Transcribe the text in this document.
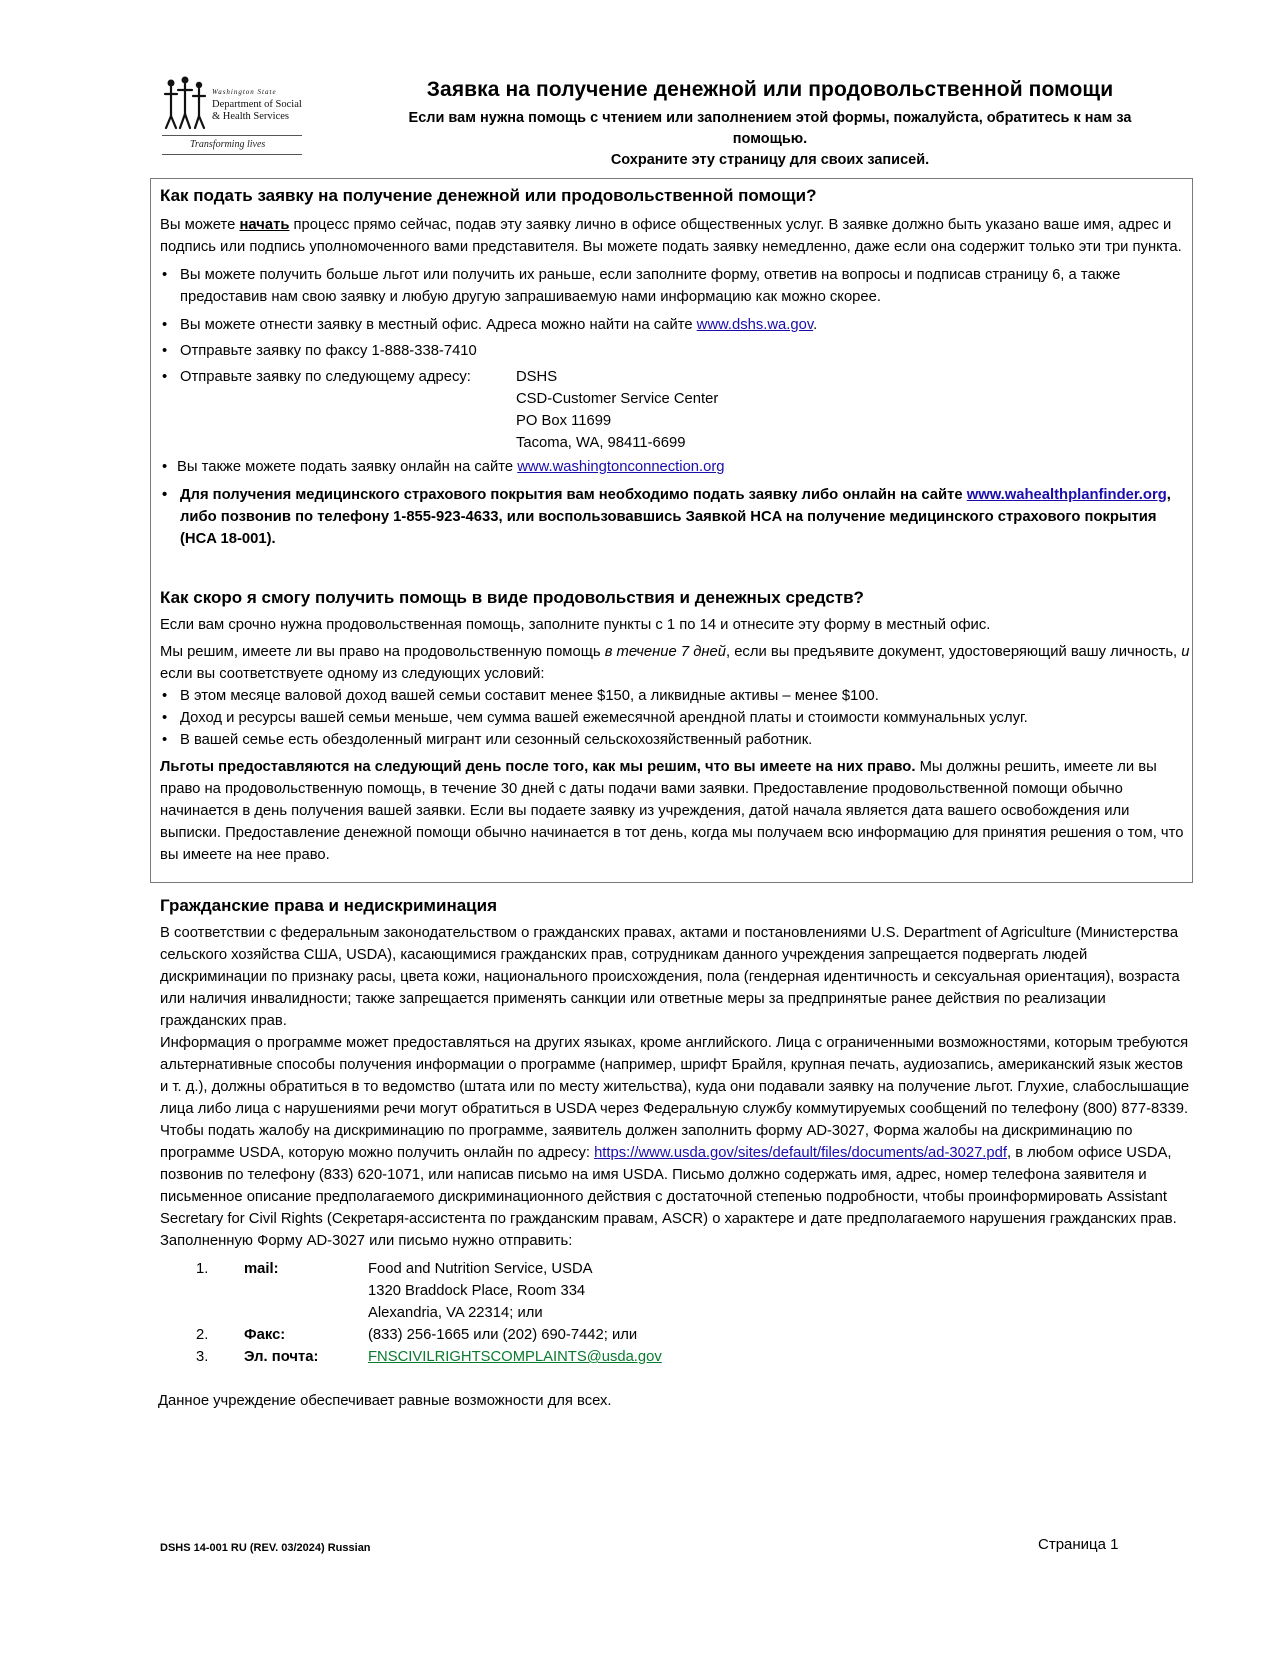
Washington State
Department of Social
& Health Services
Transforming lives

Заявка на получение денежной или продовольственной помощи

Если вам нужна помощь с чтением или заполнением этой формы, пожалуйста, обратитесь к нам за

помощью.

Сохраните эту страницу для своих записей.

Как подать заявку на получение денежной или продовольственной помощи?

Вы можете начать процесс прямо сейчас, подав эту заявку лично в офисе общественных услуг. В заявке должно быть указано ваше имя, адрес и подпись или подпись уполномоченного вами представителя. Вы можете подать заявку немедленно, даже если она содержит только эти три пункта.

• Вы можете получить больше льгот или получить их раньше, если заполните форму, ответив на вопросы и подписав страницу 6, а также предоставив нам свою заявку и любую другую запрашиваемую нами информацию как можно скорее.

• Вы можете отнести заявку в местный офис. Адреса можно найти на сайте www.dshs.wa.gov.

• Отправьте заявку по факсу 1-888-338-7410

• Отправьте заявку по следующему адресу:	DSHS
CSD-Customer Service Center
PO Box 11699
Tacoma, WA, 98411-6699

• Вы также можете подать заявку онлайн на сайте www.washingtonconnection.org

• Для получения медицинского страхового покрытия вам необходимо подать заявку либо онлайн на сайте www.wahealthplanfinder.org, либо позвонив по телефону 1-855-923-4633, или воспользовавшись Заявкой HCA на получение медицинского страхового покрытия (HCA 18-001).

Как скоро я смогу получить помощь в виде продовольствия и денежных средств?

Если вам срочно нужна продовольственная помощь, заполните пункты с 1 по 14 и отнесите эту форму в местный офис.

Мы решим, имеете ли вы право на продовольственную помощь в течение 7 дней, если вы предъявите документ, удостоверяющий вашу личность, и если вы соответствуете одному из следующих условий:

• В этом месяце валовой доход вашей семьи составит менее $150, а ликвидные активы – менее $100.

• Доход и ресурсы вашей семьи меньше, чем сумма вашей ежемесячной арендной платы и стоимости коммунальных услуг.

• В вашей семье есть обездоленный мигрант или сезонный сельскохозяйственный работник.

Льготы предоставляются на следующий день после того, как мы решим, что вы имеете на них право. Мы должны решить, имеете ли вы право на продовольственную помощь, в течение 30 дней с даты подачи вами заявки. Предоставление продовольственной помощи обычно начинается в день получения вашей заявки. Если вы подаете заявку из учреждения, датой начала является дата вашего освобождения или выписки. Предоставление денежной помощи обычно начинается в тот день, когда мы получаем всю информацию для принятия решения о том, что вы имеете на нее право.

Гражданские права и недискриминация

В соответствии с федеральным законодательством о гражданских правах, актами и постановлениями U.S. Department of Agriculture (Министерства сельского хозяйства США, USDA), касающимися гражданских прав, сотрудникам данного учреждения запрещается подвергать людей дискриминации по признаку расы, цвета кожи, национального происхождения, пола (гендерная идентичность и сексуальная ориентация), возраста или наличия инвалидности; также запрещается применять санкции или ответные меры за предпринятые ранее действия по реализации гражданских прав.

Информация о программе может предоставляться на других языках, кроме английского. Лица с ограниченными возможностями, которым требуются альтернативные способы получения информации о программе (например, шрифт Брайля, крупная печать, аудиозапись, американский язык жестов и т. д.), должны обратиться в то ведомство (штата или по месту жительства), куда они подавали заявку на получение льгот. Глухие, слабослышащие лица либо лица с нарушениями речи могут обратиться в USDA через Федеральную службу коммутируемых сообщений по телефону (800) 877-8339.

Чтобы подать жалобу на дискриминацию по программе, заявитель должен заполнить форму AD-3027, Форма жалобы на дискриминацию по программе USDA, которую можно получить онлайн по адресу: https://www.usda.gov/sites/default/files/documents/ad-3027.pdf, в любом офисе USDA, позвонив по телефону (833) 620-1071, или написав письмо на имя USDA. Письмо должно содержать имя, адрес, номер телефона заявителя и письменное описание предполагаемого дискриминационного действия с достаточной степенью подробности, чтобы проинформировать Assistant Secretary for Civil Rights (Секретаря-ассистента по гражданским правам, ASCR) о характере и дате предполагаемого нарушения гражданских прав.

Заполненную Форму AD-3027 или письмо нужно отправить:

1.	mail:	Food and Nutrition Service, USDA
1320 Braddock Place, Room 334
Alexandria, VA 22314; или
2.	Факс:	(833) 256-1665 или (202) 690-7442; или
3.	Эл. почта:	FNSCIVILRIGHTSCOMPLAINTS@usda.gov

Данное учреждение обеспечивает равные возможности для всех.

DSHS 14-001 RU (REV. 03/2024) Russian	Страница 1
